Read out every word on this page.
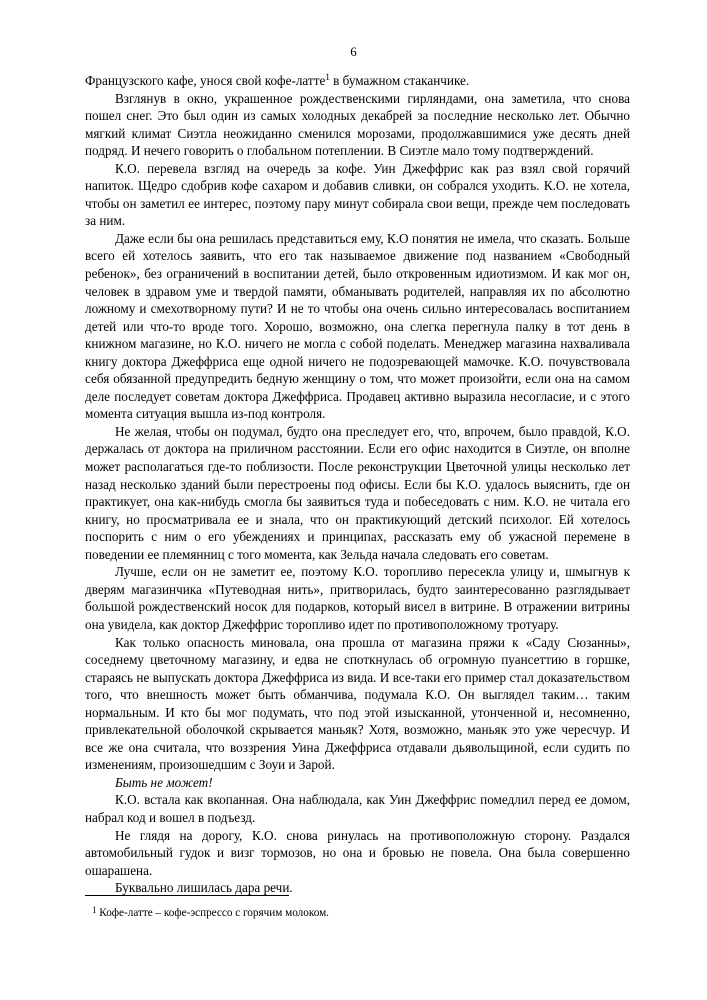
6

Французского кафе, унося свой кофе-латте$^1$ в бумажном стаканчике.

Взглянув в окно, украшенное рождественскими гирляндами, она заметила, что снова пошел снег. Это был один из самых холодных декабрей за последние несколько лет. Обычно мягкий климат Сиэтла неожиданно сменился морозами, продолжавшимися уже десять дней подряд. И нечего говорить о глобальном потеплении. В Сиэтле мало тому подтверждений.

К.О. перевела взгляд на очередь за кофе. Уин Джеффрис как раз взял свой горячий напиток. Щедро сдобрив кофе сахаром и добавив сливки, он собрался уходить. К.О. не хотела, чтобы он заметил ее интерес, поэтому пару минут собирала свои вещи, прежде чем последовать за ним.

Даже если бы она решилась представиться ему, К.О понятия не имела, что сказать. Больше всего ей хотелось заявить, что его так называемое движение под названием «Свободный ребенок», без ограничений в воспитании детей, было откровенным идиотизмом. И как мог он, человек в здравом уме и твердой памяти, обманывать родителей, направляя их по абсолютно ложному и смехотворному пути? И не то чтобы она очень сильно интересовалась воспитанием детей или что-то вроде того. Хорошо, возможно, она слегка перегнула палку в тот день в книжном магазине, но К.О. ничего не могла с собой поделать. Менеджер магазина нахваливала книгу доктора Джеффриса еще одной ничего не подозревающей мамочке. К.О. почувствовала себя обязанной предупредить бедную женщину о том, что может произойти, если она на самом деле последует советам доктора Джеффриса. Продавец активно выразила несогласие, и с этого момента ситуация вышла из-под контроля.

Не желая, чтобы он подумал, будто она преследует его, что, впрочем, было правдой, К.О. держалась от доктора на приличном расстоянии. Если его офис находится в Сиэтле, он вполне может располагаться где-то поблизости. После реконструкции Цветочной улицы несколько лет назад несколько зданий были перестроены под офисы. Если бы К.О. удалось выяснить, где он практикует, она как-нибудь смогла бы заявиться туда и побеседовать с ним. К.О. не читала его книгу, но просматривала ее и знала, что он практикующий детский психолог. Ей хотелось поспорить с ним о его убеждениях и принципах, рассказать ему об ужасной перемене в поведении ее племянниц с того момента, как Зельда начала следовать его советам.

Лучше, если он не заметит ее, поэтому К.О. торопливо пересекла улицу и, шмыгнув к дверям магазинчика «Путеводная нить», притворилась, будто заинтересованно разглядывает большой рождественский носок для подарков, который висел в витрине. В отражении витрины она увидела, как доктор Джеффрис торопливо идет по противоположному тротуару.

Как только опасность миновала, она прошла от магазина пряжи к «Саду Сюзанны», соседнему цветочному магазину, и едва не споткнулась об огромную пуансеттию в горшке, стараясь не выпускать доктора Джеффриса из вида. И все-таки его пример стал доказательством того, что внешность может быть обманчива, подумала К.О. Он выглядел таким… таким нормальным. И кто бы мог подумать, что под этой изысканной, утонченной и, несомненно, привлекательной оболочкой скрывается маньяк? Хотя, возможно, маньяк это уже чересчур. И все же она считала, что воззрения Уина Джеффриса отдавали дьявольщиной, если судить по изменениям, произошедшим с Зоуи и Зарой.

Быть не может!

К.О. встала как вкопанная. Она наблюдала, как Уин Джеффрис помедлил перед ее домом, набрал код и вошел в подъезд.

Не глядя на дорогу, К.О. снова ринулась на противоположную сторону. Раздался автомобильный гудок и визг тормозов, но она и бровью не повела. Она была совершенно ошарашена.

Буквально лишилась дара речи.

$^1$ Кофе-латте – кофе-эспрессо с горячим молоком.
